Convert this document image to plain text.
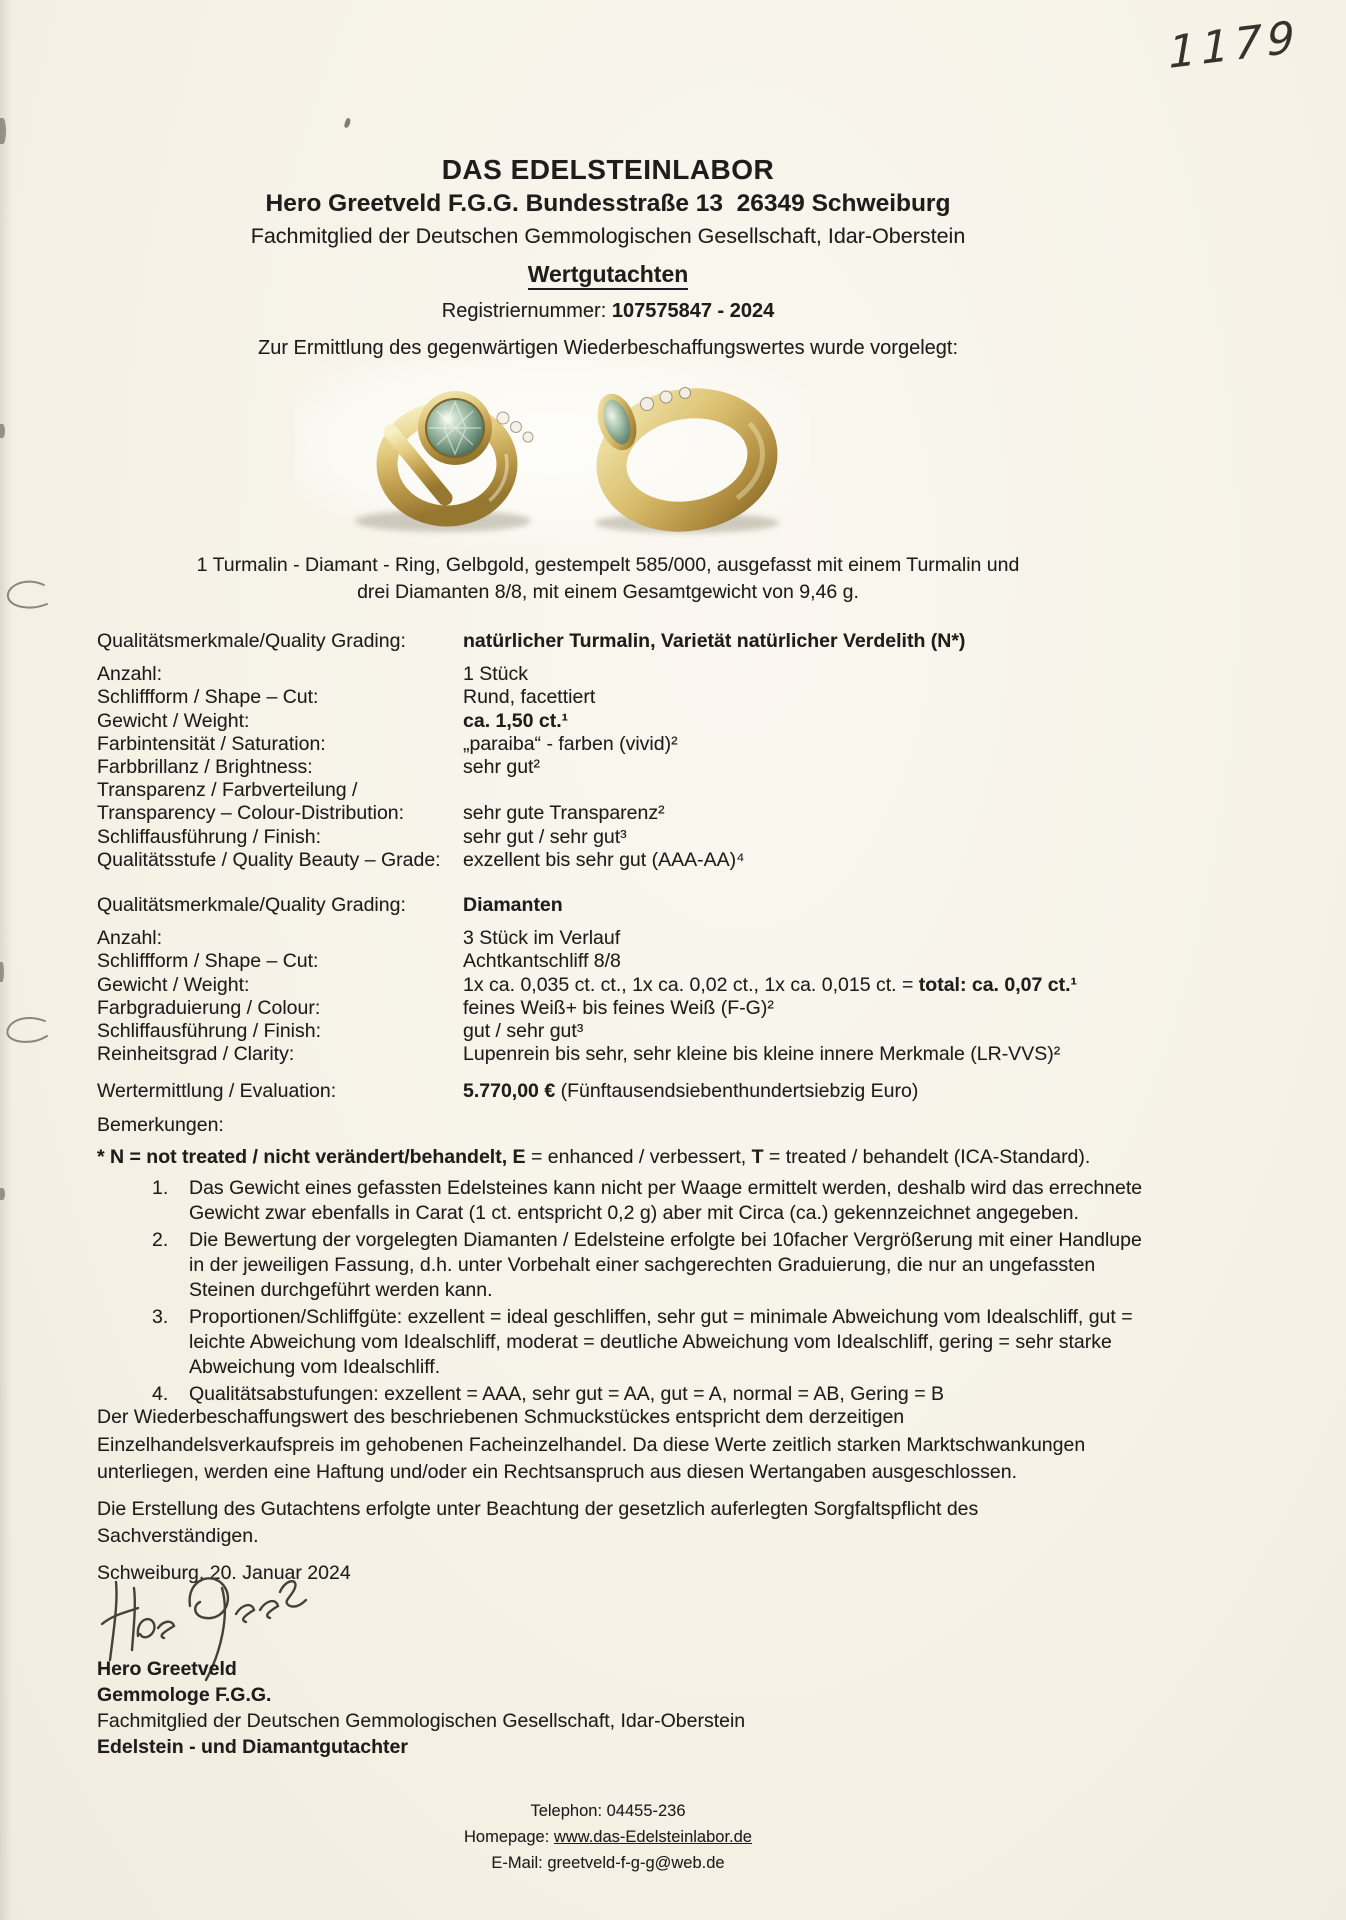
1179
DAS EDELSTEINLABOR
Hero Greetveld F.G.G. Bundesstraße 13  26349 Schweiburg
Fachmitglied der Deutschen Gemmologischen Gesellschaft, Idar-Oberstein
Wertgutachten
Registriernummer: 107575847 - 2024
Zur Ermittlung des gegenwärtigen Wiederbeschaffungswertes wurde vorgelegt:
1 Turmalin - Diamant - Ring, Gelbgold, gestempelt 585/000, ausgefasst mit einem Turmalin und
drei Diamanten 8/8, mit einem Gesamtgewicht von 9,46 g.
Qualitätsmerkmale/Quality Grading:	natürlicher Turmalin, Varietät natürlicher Verdelith (N*)
Anzahl:	1 Stück
Schliffform / Shape – Cut:	Rund, facettiert
Gewicht / Weight:	ca. 1,50 ct.¹
Farbintensität / Saturation:	„paraiba“ - farben (vivid)²
Farbbrillanz / Brightness:	sehr gut²
Transparenz / Farbverteilung /
Transparency – Colour-Distribution:	sehr gute Transparenz²
Schliffausführung / Finish:	sehr gut / sehr gut³
Qualitätsstufe / Quality Beauty – Grade:	exzellent bis sehr gut (AAA-AA)⁴
Qualitätsmerkmale/Quality Grading:	Diamanten
Anzahl:	3 Stück im Verlauf
Schliffform / Shape – Cut:	Achtkantschliff 8/8
Gewicht / Weight:	1x ca. 0,035 ct. ct., 1x ca. 0,02 ct., 1x ca. 0,015 ct. = total: ca. 0,07 ct.¹
Farbgraduierung / Colour:	feines Weiß+ bis feines Weiß (F-G)²
Schliffausführung / Finish:	gut / sehr gut³
Reinheitsgrad / Clarity:	Lupenrein bis sehr, sehr kleine bis kleine innere Merkmale (LR-VVS)²
Wertermittlung / Evaluation:	5.770,00 € (Fünftausendsiebenthundertsiebzig Euro)
Bemerkungen:
* N = not treated / nicht verändert/behandelt, E = enhanced / verbessert, T = treated / behandelt (ICA-Standard).
1.	Das Gewicht eines gefassten Edelsteines kann nicht per Waage ermittelt werden, deshalb wird das errechnete
Gewicht zwar ebenfalls in Carat (1 ct. entspricht 0,2 g) aber mit Circa (ca.) gekennzeichnet angegeben.
2.	Die Bewertung der vorgelegten Diamanten / Edelsteine erfolgte bei 10facher Vergrößerung mit einer Handlupe
in der jeweiligen Fassung, d.h. unter Vorbehalt einer sachgerechten Graduierung, die nur an ungefassten
Steinen durchgeführt werden kann.
3.	Proportionen/Schliffgüte: exzellent = ideal geschliffen, sehr gut = minimale Abweichung vom Idealschliff, gut =
leichte Abweichung vom Idealschliff, moderat = deutliche Abweichung vom Idealschliff, gering = sehr starke
Abweichung vom Idealschliff.
4.	Qualitätsabstufungen: exzellent = AAA, sehr gut = AA, gut = A, normal = AB, Gering = B
Der Wiederbeschaffungswert des beschriebenen Schmuckstückes entspricht dem derzeitigen
Einzelhandelsverkaufspreis im gehobenen Facheinzelhandel. Da diese Werte zeitlich starken Marktschwankungen
unterliegen, werden eine Haftung und/oder ein Rechtsanspruch aus diesen Wertangaben ausgeschlossen.
Die Erstellung des Gutachtens erfolgte unter Beachtung der gesetzlich auferlegten Sorgfaltspflicht des
Sachverständigen.
Schweiburg, 20. Januar 2024
Hero Greetveld
Gemmologe F.G.G.
Fachmitglied der Deutschen Gemmologischen Gesellschaft, Idar-Oberstein
Edelstein - und Diamantgutachter
Telephon: 04455-236
Homepage: www.das-Edelsteinlabor.de
E-Mail: greetveld-f-g-g@web.de
